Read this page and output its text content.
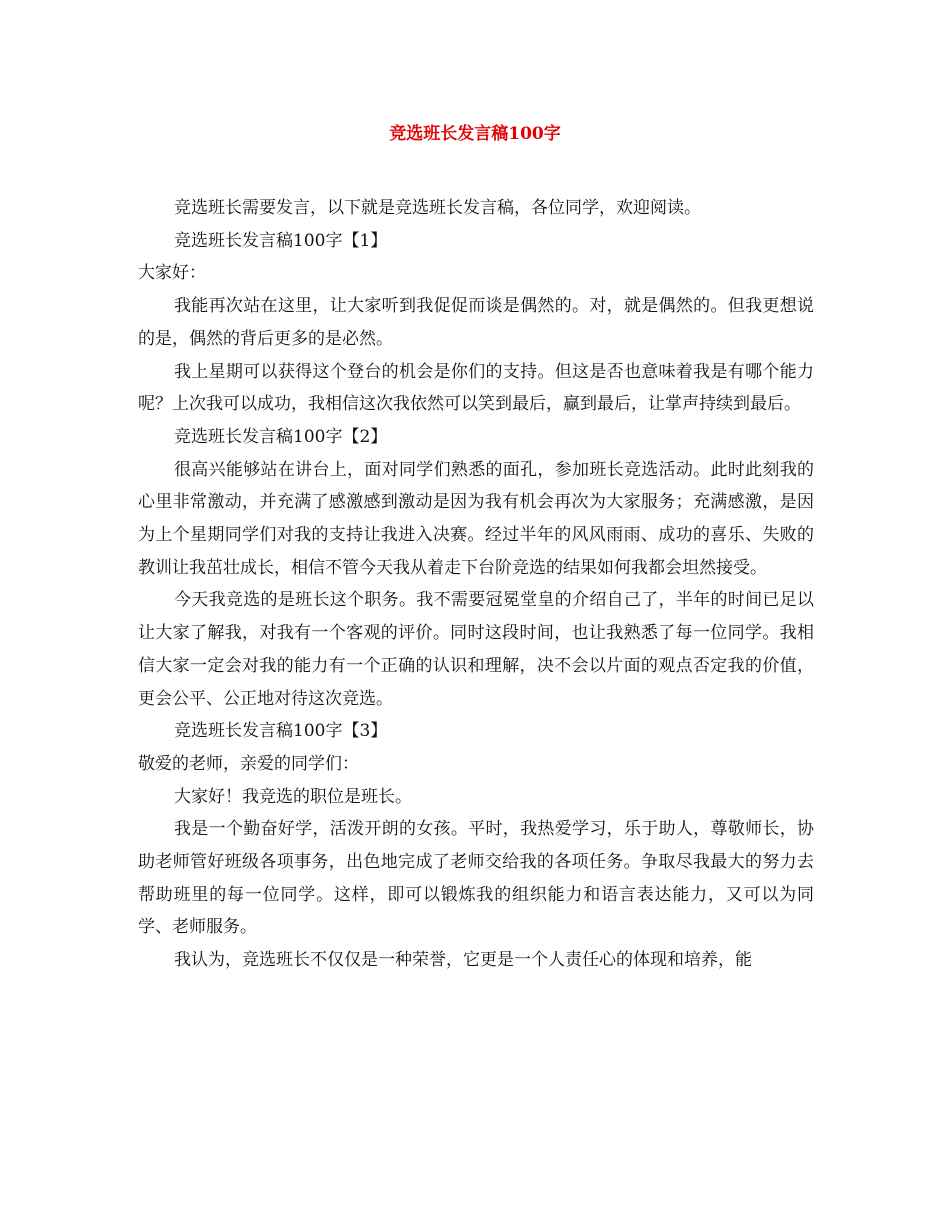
竞选班长发言稿100字

竞选班长需要发言，以下就是竞选班长发言稿，各位同学，欢迎阅读。

竞选班长发言稿100字【1】

大家好：

我能再次站在这里，让大家听到我促促而谈是偶然的。对，就是偶然的。但我更想说的是，偶然的背后更多的是必然。

我上星期可以获得这个登台的机会是你们的支持。但这是否也意味着我是有哪个能力呢？上次我可以成功，我相信这次我依然可以笑到最后，赢到最后，让掌声持续到最后。

竞选班长发言稿100字【2】

很高兴能够站在讲台上，面对同学们熟悉的面孔，参加班长竞选活动。此时此刻我的心里非常激动，并充满了感激感到激动是因为我有机会再次为大家服务；充满感激，是因为上个星期同学们对我的支持让我进入决赛。经过半年的风风雨雨、成功的喜乐、失败的教训让我茁壮成长，相信不管今天我从着走下台阶竞选的结果如何我都会坦然接受。

今天我竞选的是班长这个职务。我不需要冠冕堂皇的介绍自己了，半年的时间已足以让大家了解我，对我有一个客观的评价。同时这段时间，也让我熟悉了每一位同学。我相信大家一定会对我的能力有一个正确的认识和理解，决不会以片面的观点否定我的价值，更会公平、公正地对待这次竞选。

竞选班长发言稿100字【3】

敬爱的老师，亲爱的同学们：

大家好！我竞选的职位是班长。

我是一个勤奋好学，活泼开朗的女孩。平时，我热爱学习，乐于助人，尊敬师长，协助老师管好班级各项事务，出色地完成了老师交给我的各项任务。争取尽我最大的努力去帮助班里的每一位同学。这样，即可以锻炼我的组织能力和语言表达能力，又可以为同学、老师服务。

我认为，竞选班长不仅仅是一种荣誉，它更是一个人责任心的体现和培养，能
